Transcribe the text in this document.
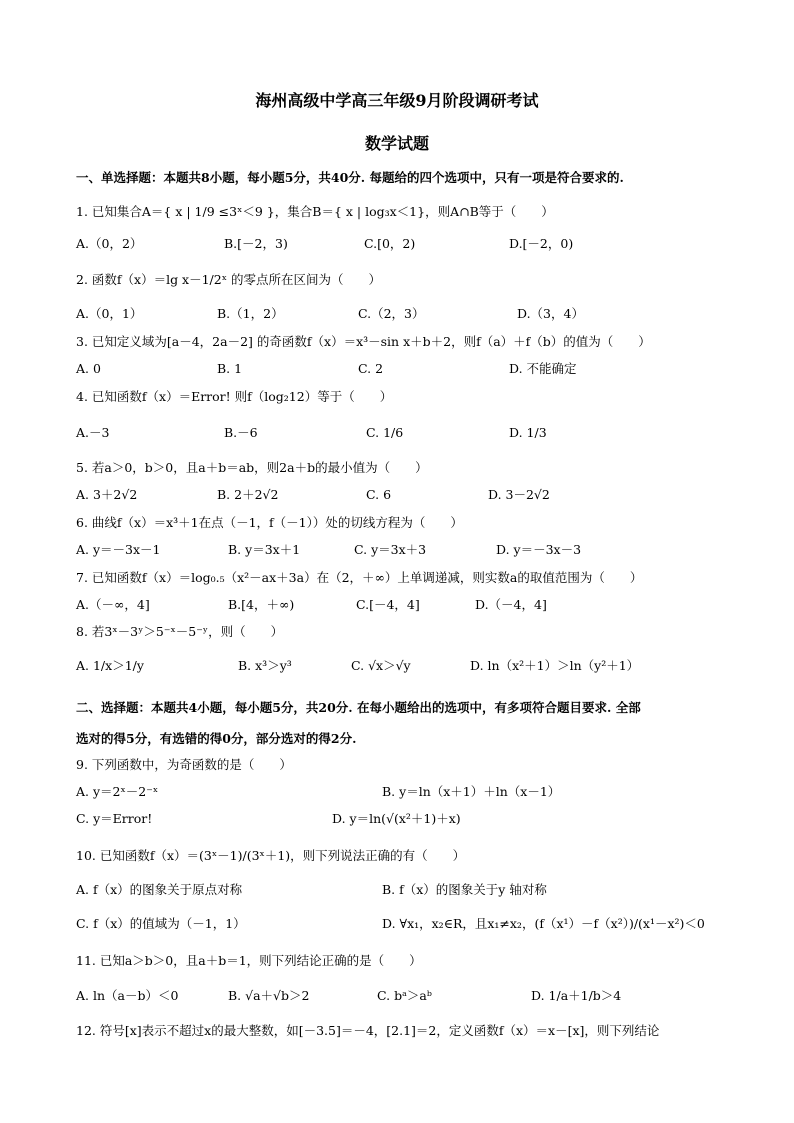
海州高级中学高三年级9月阶段调研考试
数学试题
一、单选择题：本题共8小题，每小题5分，共40分. 每题给的四个选项中，只有一项是符合要求的.
1. 已知集合A＝{ x | 1/9 ≤3ˣ＜9 }，集合B＝{ x | log₃x＜1}，则A∩B等于（　　）
A.（0，2）	B.[－2，3)	C.[0，2)	D.[－2，0)
2. 函数f（x）＝lg x－1/2ˣ 的零点所在区间为（　　）
A.（0，1）	B.（1，2）	C.（2，3）	D.（3，4）
3. 已知定义域为[a－4，2a－2] 的奇函数f（x）＝x³－sin x＋b＋2，则f（a）＋f（b）的值为（　　）
A. 0	B. 1	C. 2	D. 不能确定
4. 已知函数f（x）＝Error! 则f（log₂12）等于（　　）
A.－3	B.－6	C. 1/6	D. 1/3
5. 若a＞0，b＞0，且a＋b＝ab，则2a＋b的最小值为（　　）
A. 3＋2√2	B. 2＋2√2	C. 6	D. 3－2√2
6. 曲线f（x）＝x³＋1在点（－1，f（－1））处的切线方程为（　　）
A. y＝－3x－1	B. y＝3x＋1	C. y＝3x＋3	D. y＝－3x－3
7. 已知函数f（x）＝log₀.₅（x²－ax＋3a）在（2，＋∞）上单调递减，则实数a的取值范围为（　　）
A.（－∞，4]	B.[4，＋∞)	C.[－4，4]	D.（－4，4]
8. 若3ˣ－3ʸ＞5⁻ˣ－5⁻ʸ，则（　　）
A. 1/x＞1/y	B. x³＞y³	C. √x＞√y	D. ln（x²＋1）＞ln（y²＋1）
二、选择题：本题共4小题，每小题5分，共20分. 在每小题给出的选项中，有多项符合题目要求. 全部
选对的得5分，有选错的得0分，部分选对的得2分.
9. 下列函数中，为奇函数的是（　　）
A. y＝2ˣ－2⁻ˣ	B. y＝ln（x＋1）＋ln（x－1）
C. y＝Error!	D. y＝ln(√(x²＋1)＋x)
10. 已知函数f（x）＝(3ˣ－1)/(3ˣ＋1)，则下列说法正确的有（　　）
A. f（x）的图象关于原点对称	B. f（x）的图象关于y 轴对称
C. f（x）的值域为（－1，1）	D. ∀x₁，x₂∈R，且x₁≠x₂，(f（x¹）－f（x²）)/(x¹－x²)＜0
11. 已知a＞b＞0，且a＋b＝1，则下列结论正确的是（　　）
A. ln（a－b）＜0	B. √a＋√b＞2	C. bᵃ＞aᵇ	D. 1/a＋1/b＞4
12. 符号[x]表示不超过x的最大整数，如[－3.5]＝－4，[2.1]＝2，定义函数f（x）＝x－[x]，则下列结论
